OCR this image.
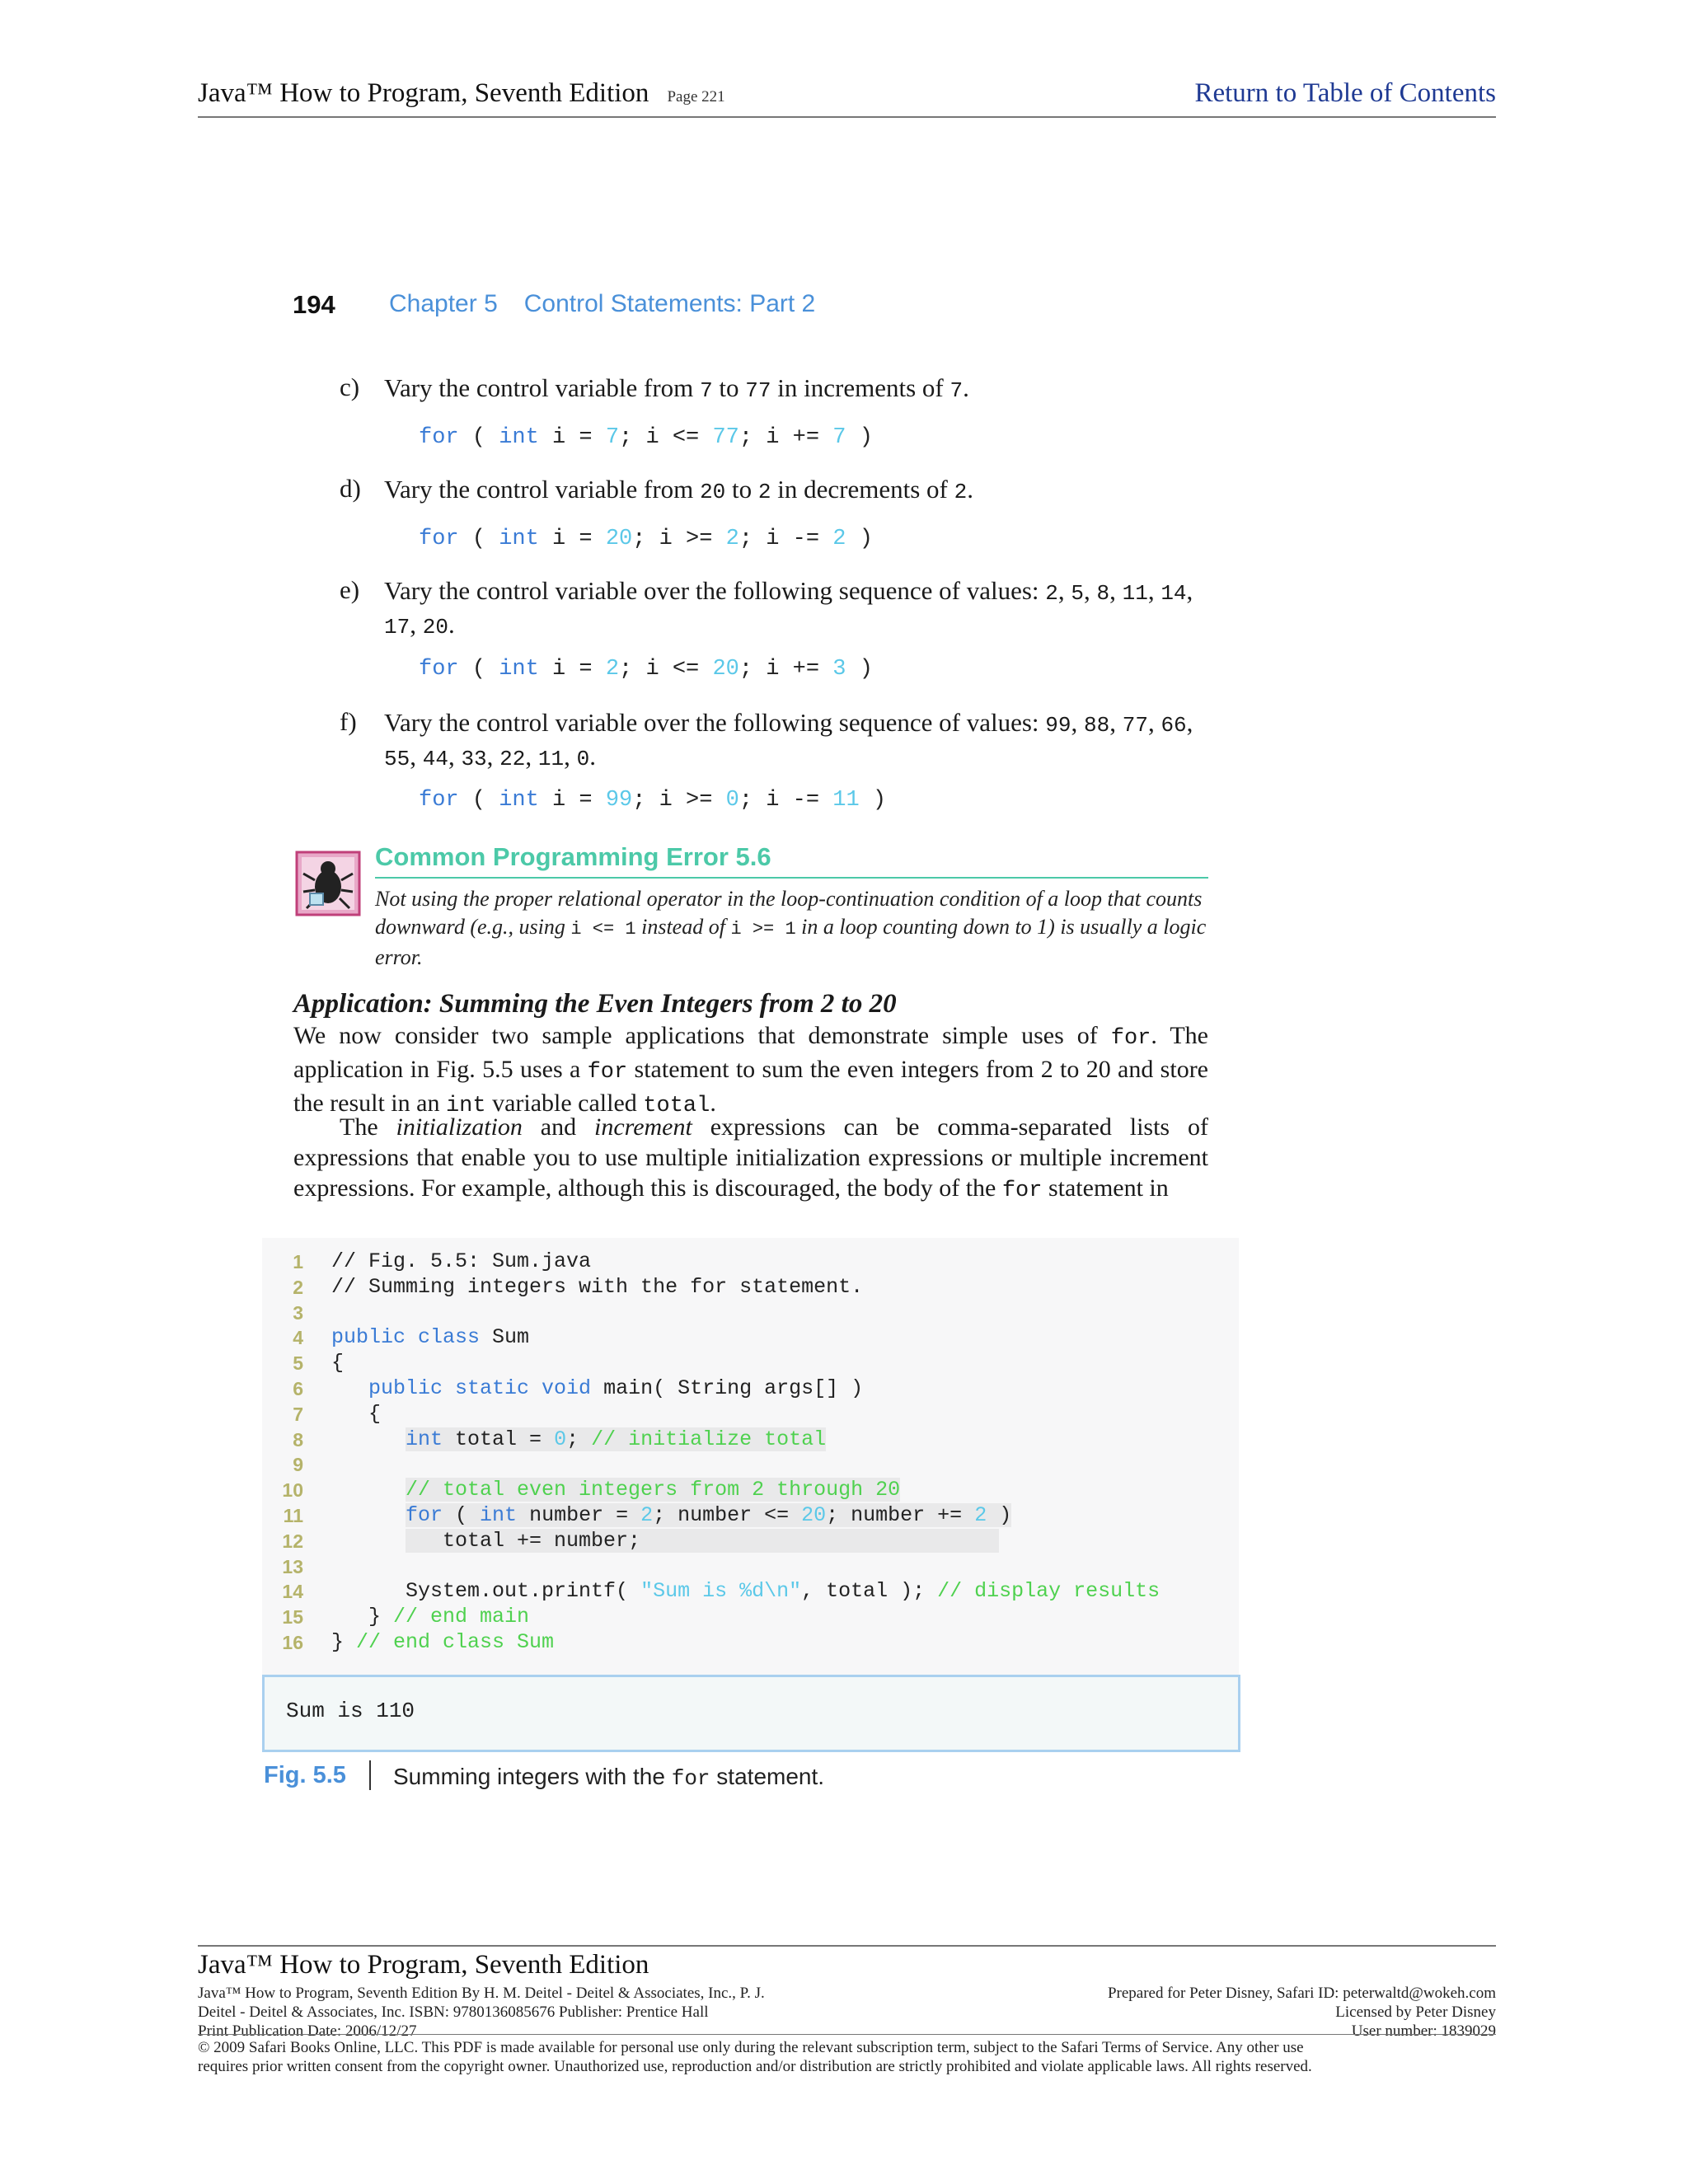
Java™ How to Program, Seventh Edition Page 221	Return to Table of Contents
194 Chapter 5 Control Statements: Part 2
c) Vary the control variable from 7 to 77 in increments of 7.
for ( int i = 7; i <= 77; i += 7 )
d) Vary the control variable from 20 to 2 in decrements of 2.
for ( int i = 20; i >= 2; i -= 2 )
e) Vary the control variable over the following sequence of values: 2, 5, 8, 11, 14, 17, 20.
for ( int i = 2; i <= 20; i += 3 )
f) Vary the control variable over the following sequence of values: 99, 88, 77, 66, 55, 44, 33, 22, 11, 0.
for ( int i = 99; i >= 0; i -= 11 )
Common Programming Error 5.6
Not using the proper relational operator in the loop-continuation condition of a loop that counts downward (e.g., using i <= 1 instead of i >= 1 in a loop counting down to 1) is usually a logic error.
Application: Summing the Even Integers from 2 to 20
We now consider two sample applications that demonstrate simple uses of for. The application in Fig. 5.5 uses a for statement to sum the even integers from 2 to 20 and store the result in an int variable called total.
The initialization and increment expressions can be comma-separated lists of expressions that enable you to use multiple initialization expressions or multiple increment expressions. For example, although this is discouraged, the body of the for statement in
1 // Fig. 5.5: Sum.java
2 // Summing integers with the for statement.
3
4 public class Sum
5 {
6	public static void main( String args[] )
7 {
8	int total = 0; // initialize total
9
10	// total even integers from 2 through 20
11	for ( int number = 2; number <= 20; number += 2 )
12	total += number;
13
14 System.out.printf( "Sum is %d\n", total ); // display results
15 } // end main
16 } // end class Sum
Sum is 110
Fig. 5.5 Summing integers with the for statement.
Java™ How to Program, Seventh Edition
Java™ How to Program, Seventh Edition By H. M. Deitel - Deitel & Associates, Inc., P. J.
Deitel - Deitel & Associates, Inc. ISBN: 9780136085676 Publisher: Prentice Hall
Print Publication Date: 2006/12/27
Prepared for Peter Disney, Safari ID: peterwaltd@wokeh.com
Licensed by Peter Disney
User number: 1839029
© 2009 Safari Books Online, LLC. This PDF is made available for personal use only during the relevant subscription term, subject to the Safari Terms of Service. Any other use
requires prior written consent from the copyright owner. Unauthorized use, reproduction and/or distribution are strictly prohibited and violate applicable laws. All rights reserved.
